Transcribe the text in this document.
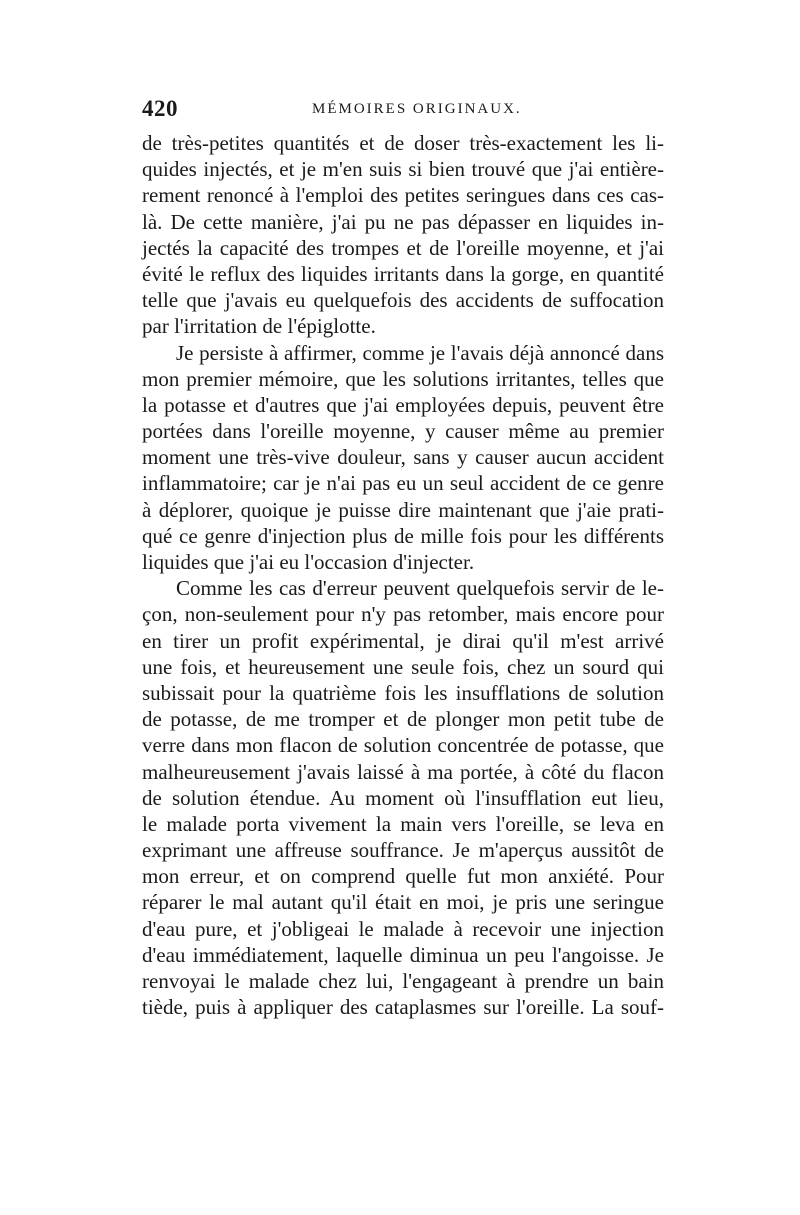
420	MÉMOIRES ORIGINAUX.
de très-petites quantités et de doser très-exactement les li-
quides injectés, et je m'en suis si bien trouvé que j'ai entière-
rement renoncé à l'emploi des petites seringues dans ces cas-
là. De cette manière, j'ai pu ne pas dépasser en liquides in-
jectés la capacité des trompes et de l'oreille moyenne, et j'ai
évité le reflux des liquides irritants dans la gorge, en quantité
telle que j'avais eu quelquefois des accidents de suffocation
par l'irritation de l'épiglotte.
Je persiste à affirmer, comme je l'avais déjà annoncé dans
mon premier mémoire, que les solutions irritantes, telles que
la potasse et d'autres que j'ai employées depuis, peuvent être
portées dans l'oreille moyenne, y causer même au premier
moment une très-vive douleur, sans y causer aucun accident
inflammatoire; car je n'ai pas eu un seul accident de ce genre
à déplorer, quoique je puisse dire maintenant que j'aie prati-
qué ce genre d'injection plus de mille fois pour les différents
liquides que j'ai eu l'occasion d'injecter.
Comme les cas d'erreur peuvent quelquefois servir de le-
çon, non-seulement pour n'y pas retomber, mais encore pour
en tirer un profit expérimental, je dirai qu'il m'est arrivé
une fois, et heureusement une seule fois, chez un sourd qui
subissait pour la quatrième fois les insufflations de solution
de potasse, de me tromper et de plonger mon petit tube de
verre dans mon flacon de solution concentrée de potasse, que
malheureusement j'avais laissé à ma portée, à côté du flacon
de solution étendue. Au moment où l'insufflation eut lieu,
le malade porta vivement la main vers l'oreille, se leva en
exprimant une affreuse souffrance. Je m'aperçus aussitôt de
mon erreur, et on comprend quelle fut mon anxiété. Pour
réparer le mal autant qu'il était en moi, je pris une seringue
d'eau pure, et j'obligeai le malade à recevoir une injection
d'eau immédiatement, laquelle diminua un peu l'angoisse. Je
renvoyai le malade chez lui, l'engageant à prendre un bain
tiède, puis à appliquer des cataplasmes sur l'oreille. La souf-
